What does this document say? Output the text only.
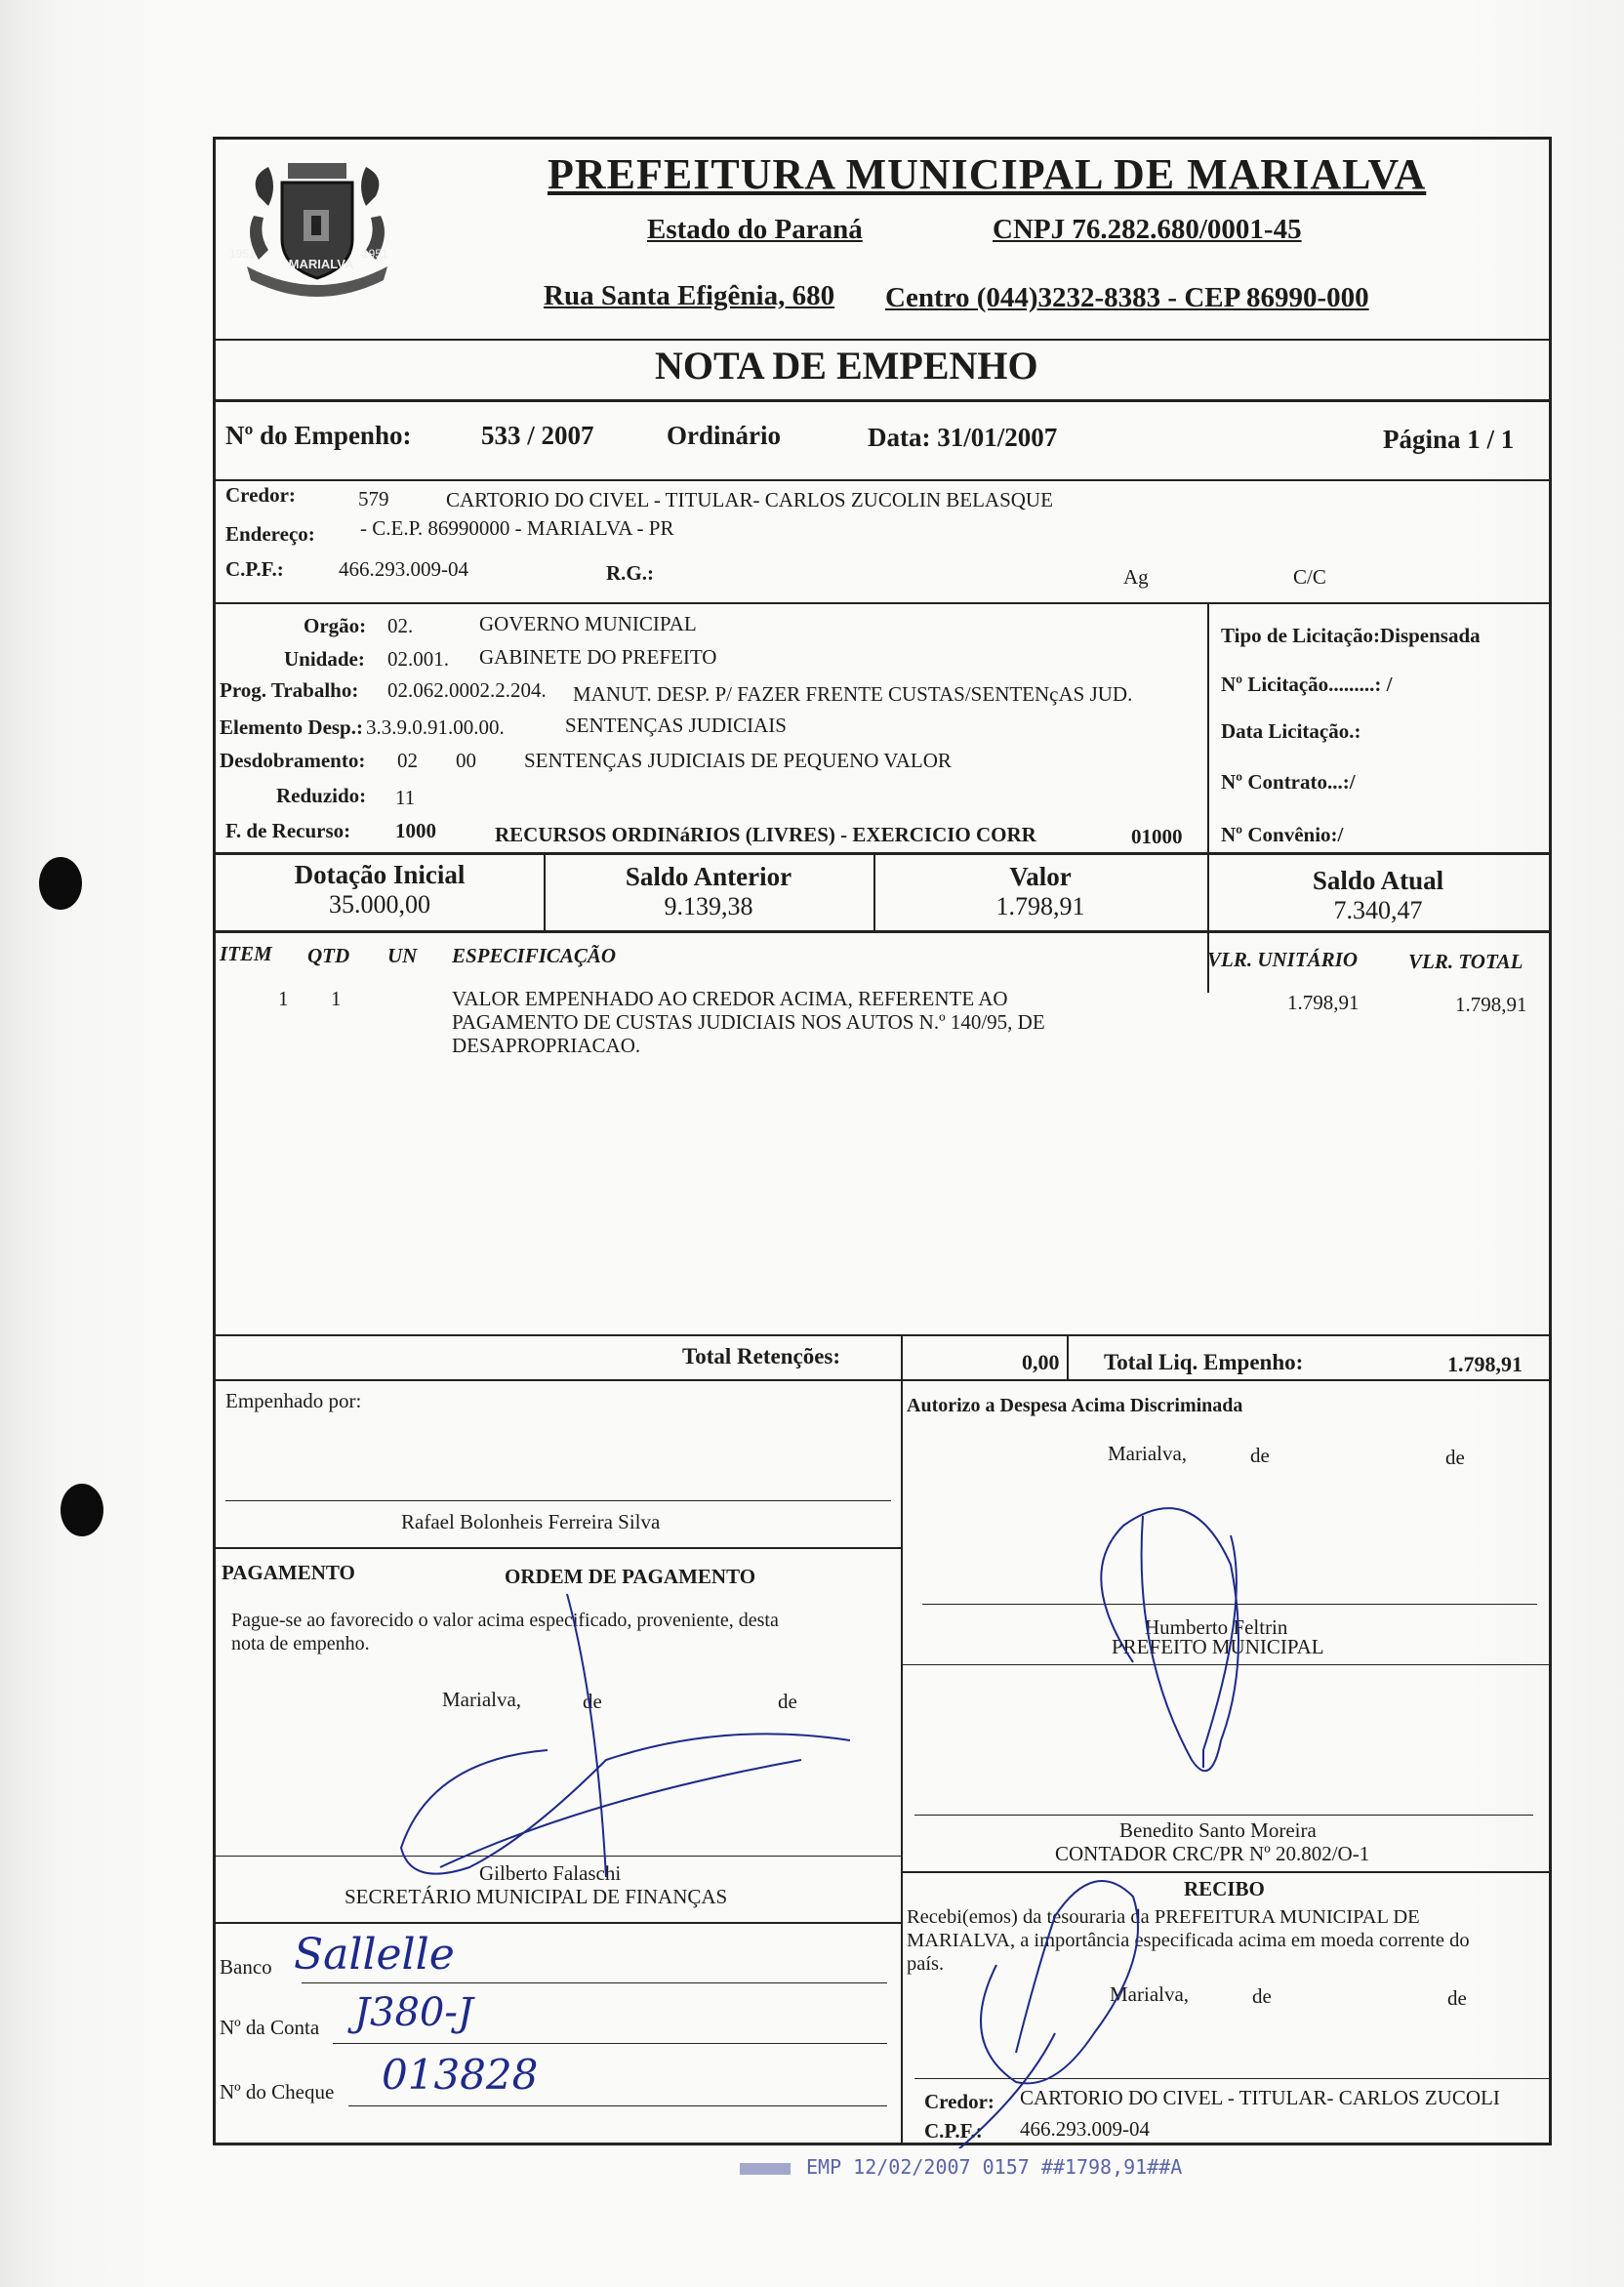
MARIALVA
1951	1951
PREFEITURA MUNICIPAL DE MARIALVA
Estado do Paraná	CNPJ 76.282.680/0001-45
Rua Santa Efigênia, 680 Centro (044)3232-8383 - CEP 86990-000
NOTA DE EMPENHO
Nº do Empenho:	533 / 2007	Ordinário	Data: 31/01/2007	Página 1 / 1
Credor:	579	CARTORIO DO CIVEL - TITULAR- CARLOS ZUCOLIN BELASQUE
Endereço: - C.E.P. 86990000 - MARIALVA - PR
C.P.F.:	466.293.009-04	R.G.:	Ag	C/C
Orgão: 02.	GOVERNO MUNICIPAL
Unidade: 02.001. GABINETE DO PREFEITO
Prog. Trabalho: 02.062.0002.2.204. MANUT. DESP. P/ FAZER FRENTE CUSTAS/SENTENçAS JUD.
Elemento Desp.: 3.3.9.0.91.00.00.	SENTENÇAS JUDICIAIS
Desdobramento: 02 00 SENTENÇAS JUDICIAIS DE PEQUENO VALOR
Reduzido: 11
F. de Recurso: 1000	RECURSOS ORDINáRIOS (LIVRES) - EXERCICIO CORR	01000
Tipo de Licitação:Dispensada
Nº Licitação.........: /
Data Licitação.:
Nº Contrato...:/
Nº Convênio:/
Dotação Inicial
35.000,00
Saldo Anterior
9.139,38
Valor
1.798,91
Saldo Atual
7.340,47
ITEM QTD UN ESPECIFICAÇÃO	VLR. UNITÁRIO VLR. TOTAL
1 1	VALOR EMPENHADO AO CREDOR ACIMA, REFERENTE AO
PAGAMENTO DE CUSTAS JUDICIAIS NOS AUTOS N.º 140/95, DE
DESAPROPRIACAO.
1.798,91	1.798,91
Total Retenções:	0,00 Total Liq. Empenho:	1.798,91
Empenhado por:
Rafael Bolonheis Ferreira Silva
PAGAMENTO	ORDEM DE PAGAMENTO
Pague-se ao favorecido o valor acima especificado, proveniente, desta
nota de empenho.
Marialva,	de	de
Gilberto Falaschi
SECRETÁRIO MUNICIPAL DE FINANÇAS
Banco Sallelle
Nº da Conta J380-J
Nº do Cheque 013828
Autorizo a Despesa Acima Discriminada
Marialva,	de	de
Humberto Feltrin
PREFEITO MUNICIPAL
Benedito Santo Moreira
CONTADOR CRC/PR Nº 20.802/O-1
RECIBO
Recebi(emos) da tesouraria da PREFEITURA MUNICIPAL DE
MARIALVA, a importância especificada acima em moeda corrente do
país.
Marialva,	de	de
Credor: CARTORIO DO CIVEL - TITULAR- CARLOS ZUCOLI
C.P.F.: 466.293.009-04
EMP 12/02/2007 0157 ##1798,91##A
